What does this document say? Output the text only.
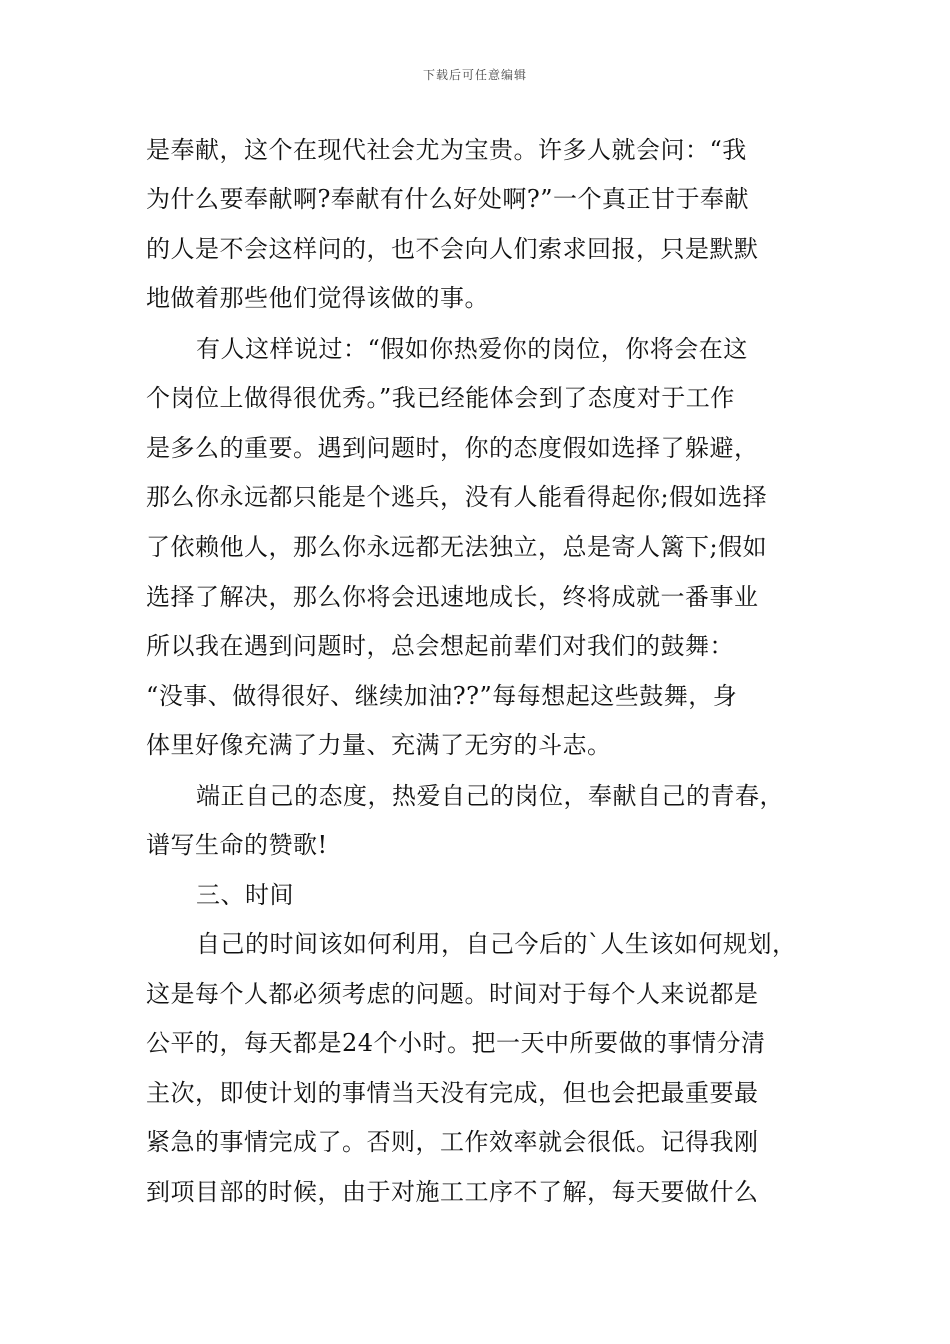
下载后可任意编辑
是奉献，这个在现代社会尤为宝贵。许多人就会问：“我
为什么要奉献啊?奉献有什么好处啊?”一个真正甘于奉献
的人是不会这样问的，也不会向人们索求回报，只是默默
地做着那些他们觉得该做的事。
有人这样说过：“假如你热爱你的岗位，你将会在这
个岗位上做得很优秀。”我已经能体会到了态度对于工作
是多么的重要。遇到问题时，你的态度假如选择了躲避，
那么你永远都只能是个逃兵，没有人能看得起你;假如选择
了依赖他人，那么你永远都无法独立，总是寄人篱下;假如
选择了解决，那么你将会迅速地成长，终将成就一番事业
所以我在遇到问题时，总会想起前辈们对我们的鼓舞：
“没事、做得很好、继续加油??”每每想起这些鼓舞，身
体里好像充满了力量、充满了无穷的斗志。
端正自己的态度，热爱自己的岗位，奉献自己的青春，
谱写生命的赞歌!
三、时间
自己的时间该如何利用，自己今后的`人生该如何规划，
这是每个人都必须考虑的问题。时间对于每个人来说都是
公平的，每天都是24个小时。把一天中所要做的事情分清
主次，即使计划的事情当天没有完成，但也会把最重要最
紧急的事情完成了。否则，工作效率就会很低。记得我刚
到项目部的时候，由于对施工工序不了解，每天要做什么
